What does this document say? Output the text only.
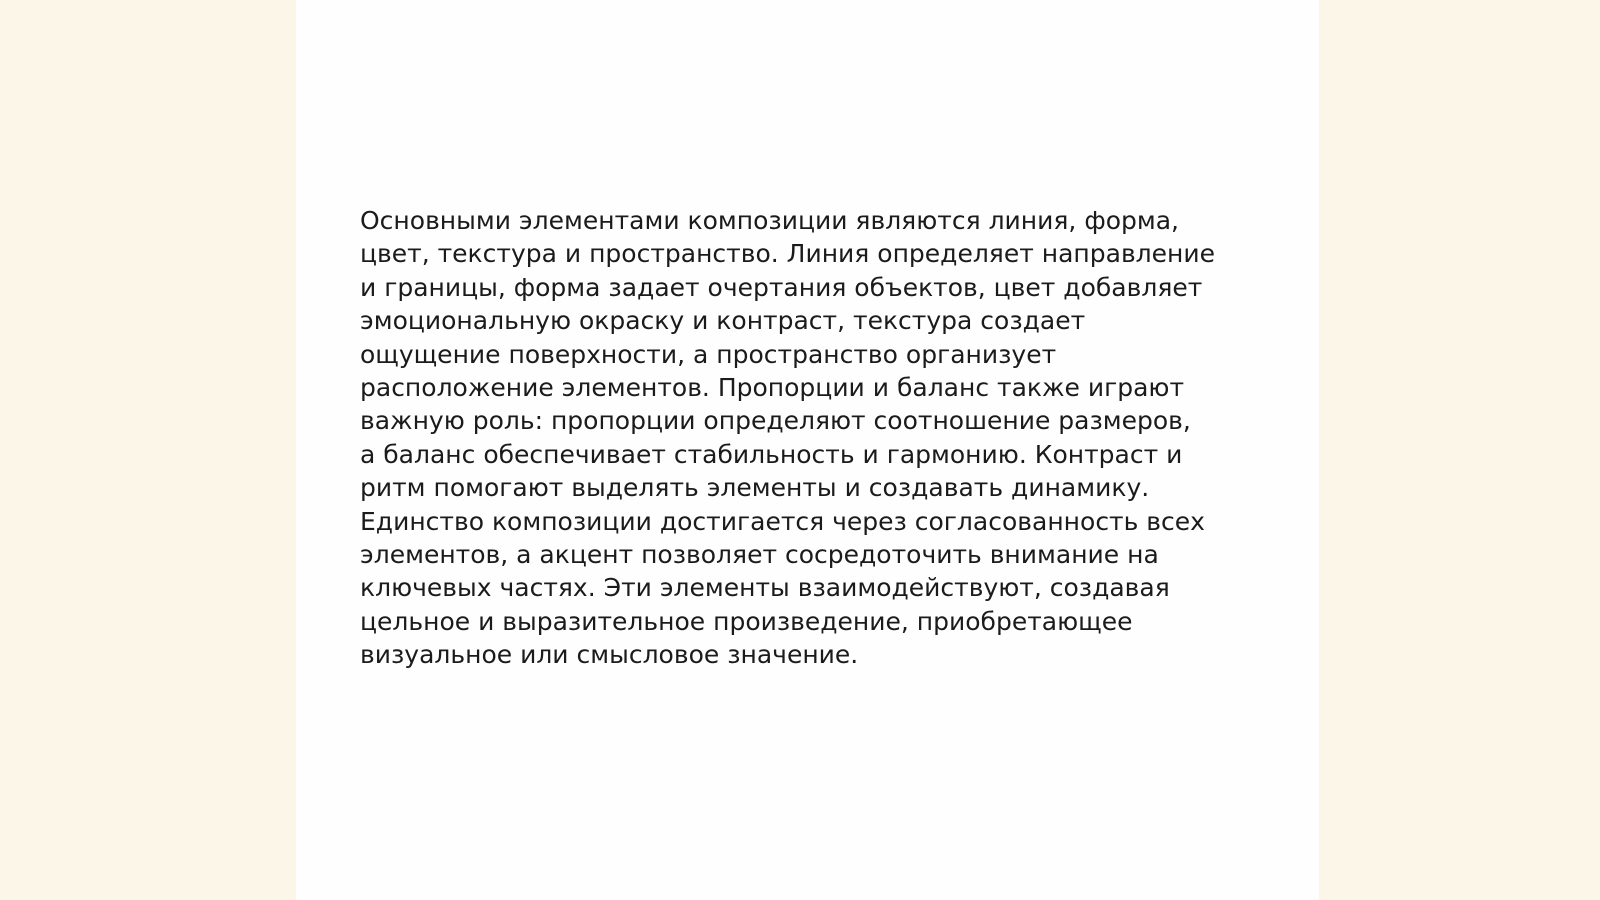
Основными элементами композиции являются линия, форма,
цвет, текстура и пространство. Линия определяет направление
и границы, форма задает очертания объектов, цвет добавляет
эмоциональную окраску и контраст, текстура создает
ощущение поверхности, а пространство организует
расположение элементов. Пропорции и баланс также играют
важную роль: пропорции определяют соотношение размеров,
а баланс обеспечивает стабильность и гармонию. Контраст и
ритм помогают выделять элементы и создавать динамику.
Единство композиции достигается через согласованность всех
элементов, а акцент позволяет сосредоточить внимание на
ключевых частях. Эти элементы взаимодействуют, создавая
цельное и выразительное произведение, приобретающее
визуальное или смысловое значение.
